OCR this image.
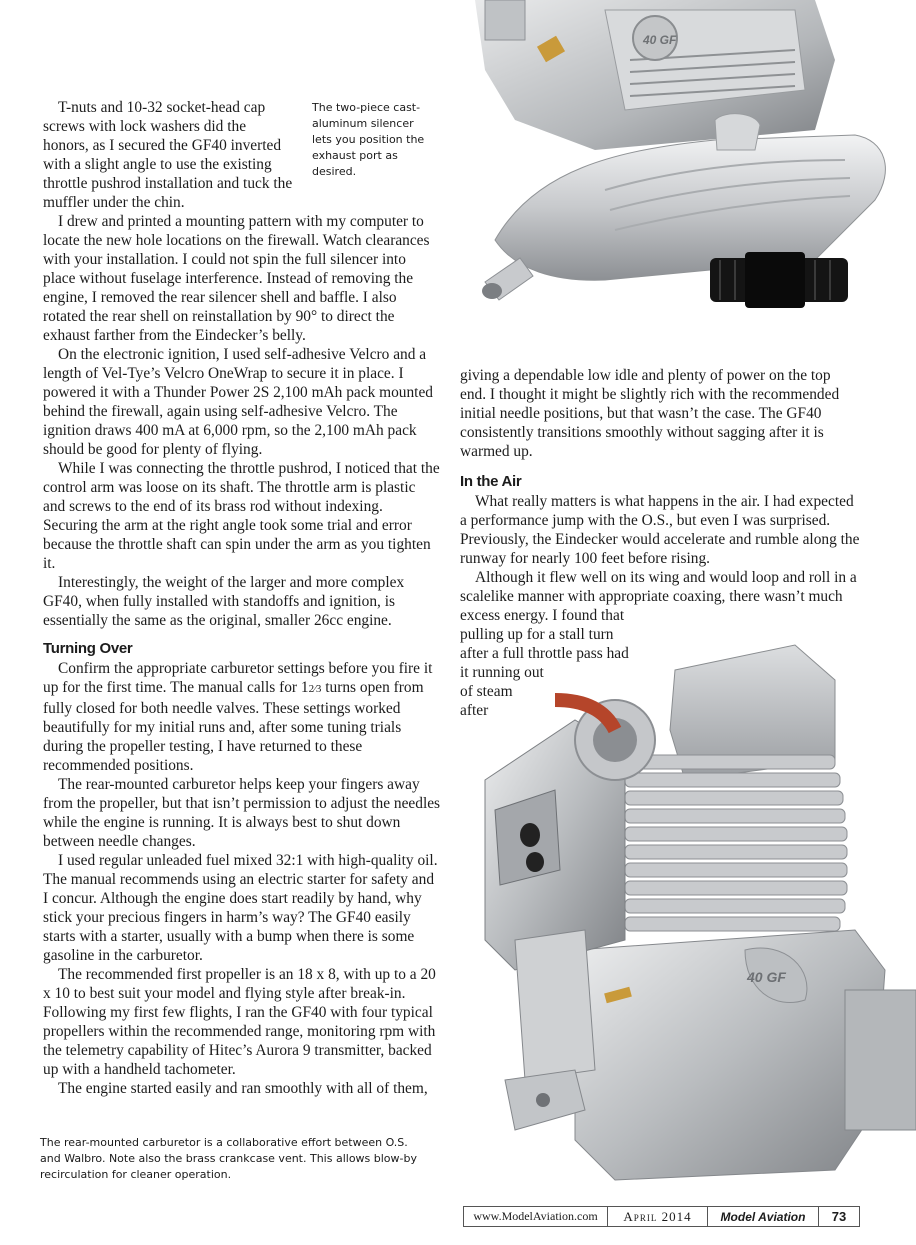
40 GF
40 GF
The two-piece cast-aluminum silencer lets you position the exhaust port as desired.

T-nuts and 10-32 socket-head cap screws with lock washers did the honors, as I secured the GF40 inverted with a slight angle to use the existing throttle pushrod installation and tuck the muffler under the chin.

I drew and printed a mounting pattern with my computer to locate the new hole locations on the firewall. Watch clearances with your installation. I could not spin the full silencer into place without fuselage interference. Instead of removing the engine, I removed the rear silencer shell and baffle. I also rotated the rear shell on reinstallation by 90° to direct the exhaust farther from the Eindecker’s belly.

On the electronic ignition, I used self-adhesive Velcro and a length of Vel-Tye’s Velcro OneWrap to secure it in place. I powered it with a Thunder Power 2S 2,100 mAh pack mounted behind the firewall, again using self-adhesive Velcro. The ignition draws 400 mA at 6,000 rpm, so the 2,100 mAh pack should be good for plenty of flying.

While I was connecting the throttle pushrod, I noticed that the control arm was loose on its shaft. The throttle arm is plastic and screws to the end of its brass rod without indexing. Securing the arm at the right angle took some trial and error because the throttle shaft can spin under the arm as you tighten it.

Interestingly, the weight of the larger and more complex GF40, when fully installed with standoffs and ignition, is essentially the same as the original, smaller 26cc engine.

Turning Over

Confirm the appropriate carburetor settings before you fire it up for the first time. The manual calls for 12⁄3 turns open from fully closed for both needle valves. These settings worked beautifully for my initial runs and, after some tuning trials during the propeller testing, I have returned to these recommended positions.

The rear-mounted carburetor helps keep your fingers away from the propeller, but that isn’t permission to adjust the needles while the engine is running. It is always best to shut down between needle changes.

I used regular unleaded fuel mixed 32:1 with high-quality oil. The manual recommends using an electric starter for safety and I concur. Although the engine does start readily by hand, why stick your precious fingers in harm’s way? The GF40 easily starts with a starter, usually with a bump when there is some gasoline in the carburetor.

The recommended first propeller is an 18 x 8, with up to a 20 x 10 to best suit your model and flying style after break-in. Following my first few flights, I ran the GF40 with four typical propellers within the recommended range, monitoring rpm with the telemetry capability of Hitec’s Aurora 9 transmitter, backed up with a handheld tachometer.

The engine started easily and ran smoothly with all of them,

giving a dependable low idle and plenty of power on the top end. I thought it might be slightly rich with the recommended initial needle positions, but that wasn’t the case. The GF40 consistently transitions smoothly without sagging after it is warmed up.

In the Air

What really matters is what happens in the air. I had expected a performance jump with the O.S., but even I was surprised. Previously, the Eindecker would accelerate and rumble along the runway for nearly 100 feet before rising.

Although it flew well on its wing and would loop and roll in a scalelike manner with appropriate coaxing, there wasn’t much excess energy. I found that

pulling up for a stall turn
after a full throttle pass had
it running out
of steam
after
The rear-mounted carburetor is a collaborative effort between O.S. and Walbro. Note also the brass crankcase vent. This allows blow-by recirculation for cleaner operation.
www.ModelAviation.com	April 2014	Model Aviation	73
